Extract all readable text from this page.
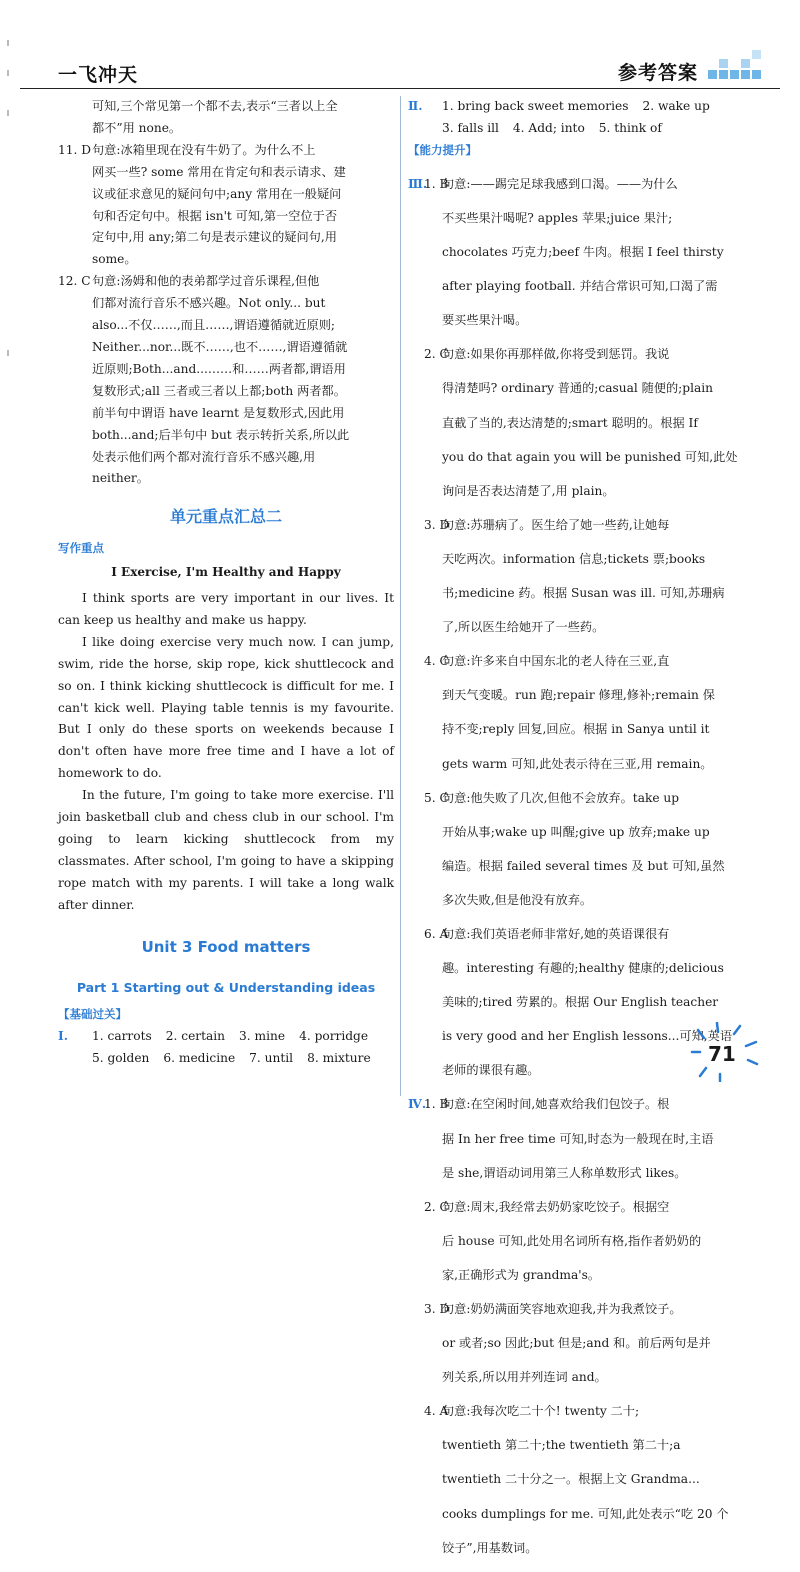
一飞冲天	参考答案

可知,三个常见第一个都不去,表示“三者以上全

都不”用 none。

11. D 句意:冰箱里现在没有牛奶了。为什么不上

网买一些? some 常用在肯定句和表示请求、建

议或征求意见的疑问句中;any 常用在一般疑问

句和否定句中。根据 isn't 可知,第一空位于否

定句中,用 any;第二句是表示建议的疑问句,用

some。

12. C 句意:汤姆和他的表弟都学过音乐课程,但他

们都对流行音乐不感兴趣。Not only... but

also...不仅……,而且……,谓语遵循就近原则;

Neither...nor...既不……,也不……,谓语遵循就

近原则;Both...and...……和……两者都,谓语用

复数形式;all 三者或三者以上都;both 两者都。

前半句中谓语 have learnt 是复数形式,因此用

both...and;后半句中 but 表示转折关系,所以此

处表示他们两个都对流行音乐不感兴趣,用

neither。

单元重点汇总二
写作重点
I Exercise, I'm Healthy and Happy

I think sports are very important in our lives. It can keep us healthy and make us happy.

I like doing exercise very much now. I can jump, swim, ride the horse, skip rope, kick shuttlecock and so on. I think kicking shuttlecock is difficult for me. I can't kick well. Playing table tennis is my favourite. But I only do these sports on weekends because I don't often have more free time and I have a lot of homework to do.

In the future, I'm going to take more exercise. I'll join basketball club and chess club in our school. I'm going to learn kicking shuttlecock from my classmates. After school, I'm going to have a skipping rope match with my parents. I will take a long walk after dinner.

Unit 3 Food matters
Part 1 Starting out & Understanding ideas
【基础过关】
Ⅰ. 1. carrots 2. certain 3. mine 4. porridge
5. golden 6. medicine 7. until 8. mixture
Ⅱ. 1. bring back sweet memories 2. wake up
3. falls ill 4. Add; into 5. think of
【能力提升】
Ⅲ.
1. B

句意:——踢完足球我感到口渴。——为什么

不买些果汁喝呢? apples 苹果;juice 果汁;

chocolates 巧克力;beef 牛肉。根据 I feel thirsty

after playing football. 并结合常识可知,口渴了需

要买些果汁喝。

2. C

句意:如果你再那样做,你将受到惩罚。我说

得清楚吗? ordinary 普通的;casual 随便的;plain

直截了当的,表达清楚的;smart 聪明的。根据 If

you do that again you will be punished 可知,此处

询问是否表达清楚了,用 plain。

3. D

句意:苏珊病了。医生给了她一些药,让她每

天吃两次。information 信息;tickets 票;books

书;medicine 药。根据 Susan was ill. 可知,苏珊病

了,所以医生给她开了一些药。

4. C

句意:许多来自中国东北的老人待在三亚,直

到天气变暖。run 跑;repair 修理,修补;remain 保

持不变;reply 回复,回应。根据 in Sanya until it

gets warm 可知,此处表示待在三亚,用 remain。

5. C

句意:他失败了几次,但他不会放弃。take up

开始从事;wake up 叫醒;give up 放弃;make up

编造。根据 failed several times 及 but 可知,虽然

多次失败,但是他没有放弃。

6. A

句意:我们英语老师非常好,她的英语课很有

趣。interesting 有趣的;healthy 健康的;delicious

美味的;tired 劳累的。根据 Our English teacher

is very good and her English lessons...可知,英语

老师的课很有趣。

Ⅳ.
1. B

句意:在空闲时间,她喜欢给我们包饺子。根

据 In her free time 可知,时态为一般现在时,主语

是 she,谓语动词用第三人称单数形式 likes。

2. C

句意:周末,我经常去奶奶家吃饺子。根据空

后 house 可知,此处用名词所有格,指作者奶奶的

家,正确形式为 grandma's。

3. D

句意:奶奶满面笑容地欢迎我,并为我煮饺子。

or 或者;so 因此;but 但是;and 和。前后两句是并

列关系,所以用并列连词 and。

4. A

句意:我每次吃二十个! twenty 二十;

twentieth 第二十;the twentieth 第二十;a

twentieth 二十分之一。根据上文 Grandma...

cooks dumplings for me. 可知,此处表示“吃 20 个

饺子”,用基数词。

71
